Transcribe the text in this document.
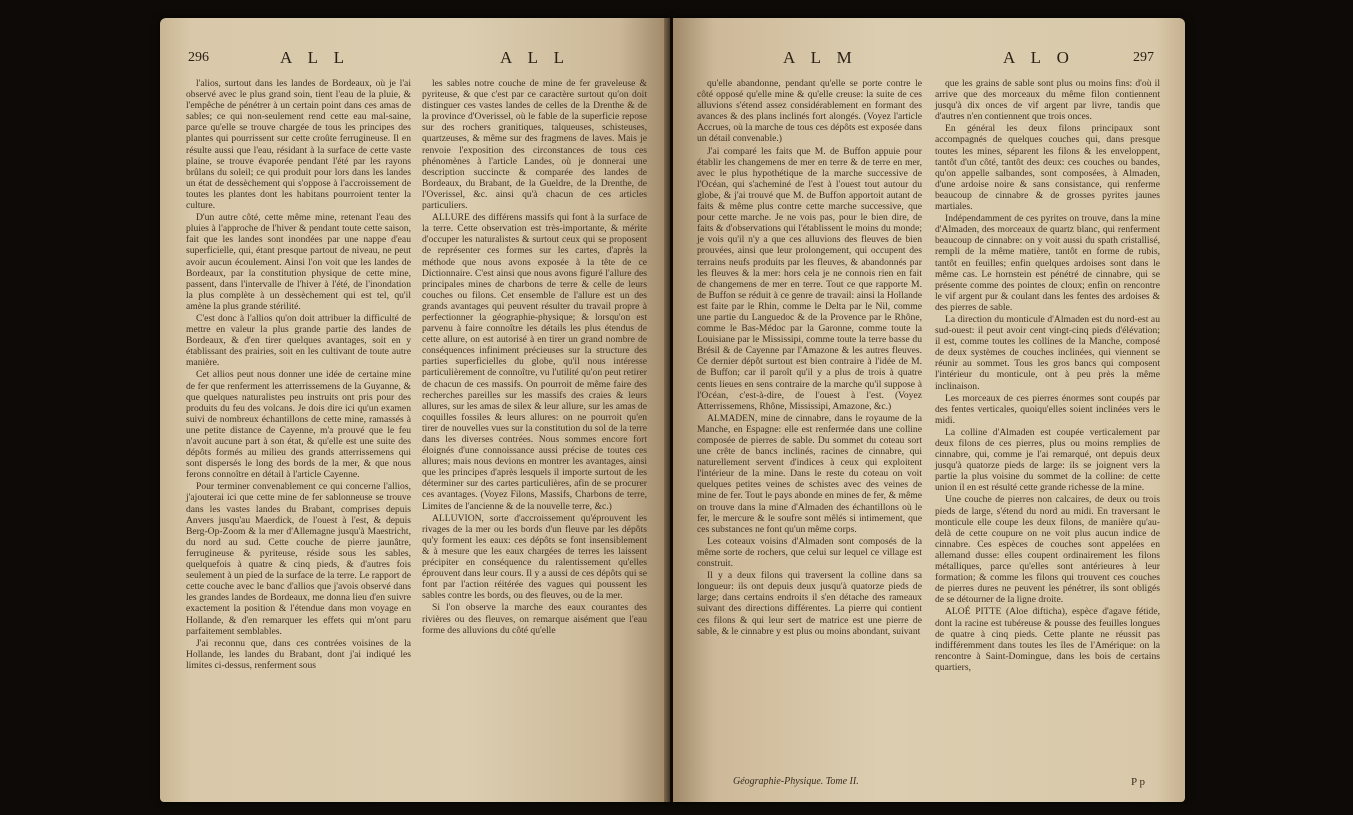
296	A L L	A L L

l'alios, surtout dans les landes de Bordeaux, où je l'ai observé avec le plus grand soin, tient l'eau de la pluie, & l'empêche de pénétrer à un certain point dans ces amas de sables; ce qui non-seulement rend cette eau mal-saine, parce qu'elle se trouve chargée de tous les principes des plantes qui pourrissent sur cette croûte ferrugineuse. Il en résulte aussi que l'eau, résidant à la surface de cette vaste plaine, se trouve évaporée pendant l'été par les rayons brûlans du soleil; ce qui produit pour lors dans les landes un état de dessèchement qui s'oppose à l'accroissement de toutes les plantes dont les habitans pourroient tenter la culture.

D'un autre côté, cette même mine, retenant l'eau des pluies à l'approche de l'hiver & pendant toute cette saison, fait que les landes sont inondées par une nappe d'eau superficielle, qui, étant presque partout de niveau, ne peut avoir aucun écoulement. Ainsi l'on voit que les landes de Bordeaux, par la constitution physique de cette mine, passent, dans l'intervalle de l'hiver à l'été, de l'inondation la plus complète à un dessèchement qui est tel, qu'il amène la plus grande stérilité.

C'est donc à l'allios qu'on doit attribuer la difficulté de mettre en valeur la plus grande partie des landes de Bordeaux, & d'en tirer quelques avantages, soit en y établissant des prairies, soit en les cultivant de toute autre manière.

Cet allios peut nous donner une idée de certaine mine de fer que renferment les atterrissemens de la Guyanne, & que quelques naturalistes peu instruits ont pris pour des produits du feu des volcans. Je dois dire ici qu'un examen suivi de nombreux échantillons de cette mine, ramassés à une petite distance de Cayenne, m'a prouvé que le feu n'avoit aucune part à son état, & qu'elle est une suite des dépôts formés au milieu des grands atterrissemens qui sont dispersés le long des bords de la mer, & que nous ferons connoître en détail à l'article Cayenne.

Pour terminer convenablement ce qui concerne l'allios, j'ajouterai ici que cette mine de fer sablonneuse se trouve dans les vastes landes du Brabant, comprises depuis Anvers jusqu'au Maerdick, de l'ouest à l'est, & depuis Berg-Op-Zoom & la mer d'Allemagne jusqu'à Maestricht, du nord au sud. Cette couche de pierre jaunâtre, ferrugineuse & pyriteuse, réside sous les sables, quelquefois à quatre & cinq pieds, & d'autres fois seulement à un pied de la surface de la terre. Le rapport de cette couche avec le banc d'allios que j'avois observé dans les grandes landes de Bordeaux, me donna lieu d'en suivre exactement la position & l'étendue dans mon voyage en Hollande, & d'en remarquer les effets qui m'ont paru parfaitement semblables.

J'ai reconnu que, dans ces contrées voisines de la Hollande, les landes du Brabant, dont j'ai indiqué les limites ci-dessus, renferment sous

les sables notre couche de mine de fer graveleuse & pyriteuse, & que c'est par ce caractère surtout qu'on doit distinguer ces vastes landes de celles de la Drenthe & de la province d'Overissel, où le fable de la superficie repose sur des rochers granitiques, talqueuses, schisteuses, quartzeuses, & même sur des fragmens de laves. Mais je renvoie l'exposition des circonstances de tous ces phénomènes à l'article Landes, où je donnerai une description succincte & comparée des landes de Bordeaux, du Brabant, de la Gueldre, de la Drenthe, de l'Overissel, &c. ainsi qu'à chacun de ces articles particuliers.

ALLURE des différens massifs qui font à la surface de la terre. Cette observation est très-importante, & mérite d'occuper les naturalistes & surtout ceux qui se proposent de représenter ces formes sur les cartes, d'après la méthode que nous avons exposée à la tête de ce Dictionnaire. C'est ainsi que nous avons figuré l'allure des principales mines de charbons de terre & celle de leurs couches ou filons. Cet ensemble de l'allure est un des grands avantages qui peuvent résulter du travail propre à perfectionner la géographie-physique; & lorsqu'on est parvenu à faire connoître les détails les plus étendus de cette allure, on est autorisé à en tirer un grand nombre de conséquences infiniment précieuses sur la structure des parties superficielles du globe, qu'il nous intéresse particulièrement de connoître, vu l'utilité qu'on peut retirer de chacun de ces massifs. On pourroit de même faire des recherches pareilles sur les massifs des craies & leurs allures, sur les amas de silex & leur allure, sur les amas de coquilles fossiles & leurs allures: on ne pourroit qu'en tirer de nouvelles vues sur la constitution du sol de la terre dans les diverses contrées. Nous sommes encore fort éloignés d'une connoissance aussi précise de toutes ces allures; mais nous devions en montrer les avantages, ainsi que les principes d'après lesquels il importe surtout de les déterminer sur des cartes particulières, afin de se procurer ces avantages. (Voyez Filons, Massifs, Charbons de terre, Limites de l'ancienne & de la nouvelle terre, &c.)

ALLUVION, sorte d'accroissement qu'éprouvent les rivages de la mer ou les bords d'un fleuve par les dépôts qu'y forment les eaux: ces dépôts se font insensiblement & à mesure que les eaux chargées de terres les laissent précipiter en conséquence du ralentissement qu'elles éprouvent dans leur cours. Il y a aussi de ces dépôts qui se font par l'action réitérée des vagues qui poussent les sables contre les bords, ou des fleuves, ou de la mer.

Si l'on observe la marche des eaux courantes des rivières ou des fleuves, on remarque aisément que l'eau forme des alluvions du côté qu'elle

A L M	A L O	297

qu'elle abandonne, pendant qu'elle se porte contre le côté opposé qu'elle mine & qu'elle creuse: la suite de ces alluvions s'étend assez considérablement en formant des avances & des plans inclinés fort alongés. (Voyez l'article Accrues, où la marche de tous ces dépôts est exposée dans un détail convenable.)

J'ai comparé les faits que M. de Buffon appuie pour établir les changemens de mer en terre & de terre en mer, avec le plus hypothétique de la marche successive de l'Océan, qui s'acheminé de l'est à l'ouest tout autour du globe, & j'ai trouvé que M. de Buffon apportoit autant de faits & même plus contre cette marche successive, que pour cette marche. Je ne vois pas, pour le bien dire, de faits & d'observations qui l'établissent le moins du monde; je vois qu'il n'y a que ces alluvions des fleuves de bien prouvées, ainsi que leur prolongement, qui occupent des terrains neufs produits par les fleuves, & abandonnés par les fleuves & la mer: hors cela je ne connois rien en fait de changemens de mer en terre. Tout ce que rapporte M. de Buffon se réduit à ce genre de travail: ainsi la Hollande est faite par le Rhin, comme le Delta par le Nil, comme une partie du Languedoc & de la Provence par le Rhône, comme le Bas-Médoc par la Garonne, comme toute la Louisiane par le Mississipi, comme toute la terre basse du Brésil & de Cayenne par l'Amazone & les autres fleuves. Ce dernier dépôt surtout est bien contraire à l'idée de M. de Buffon; car il paroît qu'il y a plus de trois à quatre cents lieues en sens contraire de la marche qu'il suppose à l'Océan, c'est-à-dire, de l'ouest à l'est. (Voyez Atterrissemens, Rhône, Mississipi, Amazone, &c.)

ALMADEN, mine de cinnabre, dans le royaume de la Manche, en Espagne: elle est renfermée dans une colline composée de pierres de sable. Du sommet du coteau sort une crête de bancs inclinés, racines de cinnabre, qui naturellement servent d'indices à ceux qui exploitent l'intérieur de la mine. Dans le reste du coteau on voit quelques petites veines de schistes avec des veines de mine de fer. Tout le pays abonde en mines de fer, & même on trouve dans la mine d'Almaden des échantillons où le fer, le mercure & le soufre sont mêlés si intimement, que ces substances ne font qu'un même corps.

Les coteaux voisins d'Almaden sont composés de la même sorte de rochers, que celui sur lequel ce village est construit.

Il y a deux filons qui traversent la colline dans sa longueur: ils ont depuis deux jusqu'à quatorze pieds de large; dans certains endroits il s'en détache des rameaux suivant des directions différentes. La pierre qui contient ces filons & qui leur sert de matrice est une pierre de sable, & le cinnabre y est plus ou moins abondant, suivant

que les grains de sable sont plus ou moins fins: d'où il arrive que des morceaux du même filon contiennent jusqu'à dix onces de vif argent par livre, tandis que d'autres n'en contiennent que trois onces.

En général les deux filons principaux sont accompagnés de quelques couches qui, dans presque toutes les mines, séparent les filons & les enveloppent, tantôt d'un côté, tantôt des deux: ces couches ou bandes, qu'on appelle salbandes, sont composées, à Almaden, d'une ardoise noire & sans consistance, qui renferme beaucoup de cinnabre & de grosses pyrites jaunes martiales.

Indépendamment de ces pyrites on trouve, dans la mine d'Almaden, des morceaux de quartz blanc, qui renferment beaucoup de cinnabre: on y voit aussi du spath cristallisé, rempli de la même matière, tantôt en forme de rubis, tantôt en feuilles; enfin quelques ardoises sont dans le même cas. Le hornstein est pénétré de cinnabre, qui se présente comme des pointes de cloux; enfin on rencontre le vif argent pur & coulant dans les fentes des ardoises & des pierres de sable.

La direction du monticule d'Almaden est du nord-est au sud-ouest: il peut avoir cent vingt-cinq pieds d'élévation; il est, comme toutes les collines de la Manche, composé de deux systèmes de couches inclinées, qui viennent se réunir au sommet. Tous les gros bancs qui composent l'intérieur du monticule, ont à peu près la même inclinaison.

Les morceaux de ces pierres énormes sont coupés par des fentes verticales, quoiqu'elles soient inclinées vers le midi.

La colline d'Almaden est coupée verticalement par deux filons de ces pierres, plus ou moins remplies de cinnabre, qui, comme je l'ai remarqué, ont depuis deux jusqu'à quatorze pieds de large: ils se joignent vers la partie la plus voisine du sommet de la colline: de cette union il en est résulté cette grande richesse de la mine.

Une couche de pierres non calcaires, de deux ou trois pieds de large, s'étend du nord au midi. En traversant le monticule elle coupe les deux filons, de manière qu'au-delà de cette coupure on ne voit plus aucun indice de cinnabre. Ces espèces de couches sont appelées en allemand dusse: elles coupent ordinairement les filons métalliques, parce qu'elles sont antérieures à leur formation; & comme les filons qui trouvent ces couches de pierres dures ne peuvent les pénétrer, ils sont obligés de se détourner de la ligne droite.

ALOÉ PITTE (Aloe difticha), espèce d'agave fétide, dont la racine est tubéreuse & pousse des feuilles longues de quatre à cinq pieds. Cette plante ne réussit pas indifféremment dans toutes les îles de l'Amérique: on la rencontre à Saint-Domingue, dans les bois de certains quartiers,

Géographie-Physique. Tome II.	P p
